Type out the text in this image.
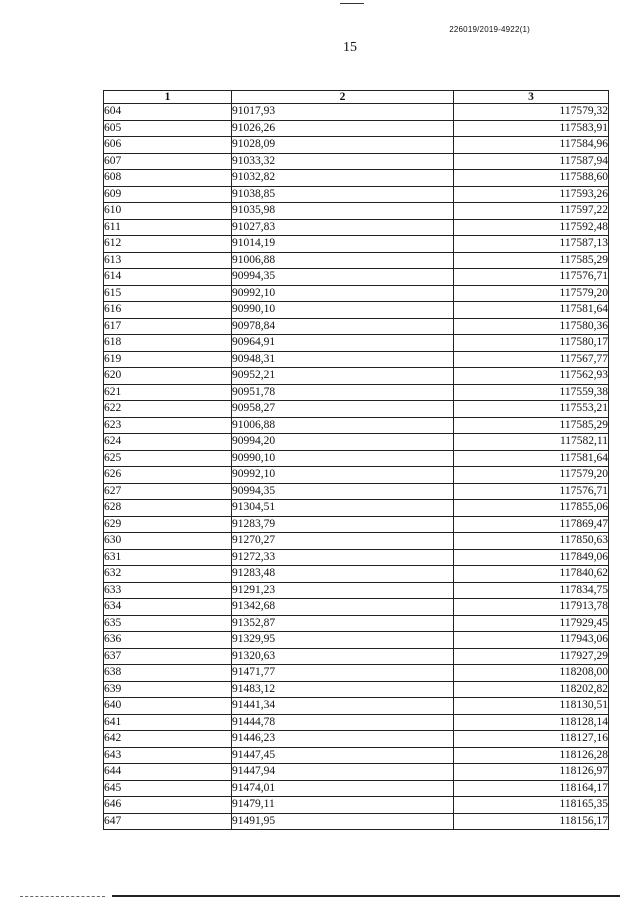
226019/2019-4922(1)
15
1	2	3
604	91017,93	117579,32
605	91026,26	117583,91
606	91028,09	117584,96
607	91033,32	117587,94
608	91032,82	117588,60
609	91038,85	117593,26
610	91035,98	117597,22
611	91027,83	117592,48
612	91014,19	117587,13
613	91006,88	117585,29
614	90994,35	117576,71
615	90992,10	117579,20
616	90990,10	117581,64
617	90978,84	117580,36
618	90964,91	117580,17
619	90948,31	117567,77
620	90952,21	117562,93
621	90951,78	117559,38
622	90958,27	117553,21
623	91006,88	117585,29
624	90994,20	117582,11
625	90990,10	117581,64
626	90992,10	117579,20
627	90994,35	117576,71
628	91304,51	117855,06
629	91283,79	117869,47
630	91270,27	117850,63
631	91272,33	117849,06
632	91283,48	117840,62
633	91291,23	117834,75
634	91342,68	117913,78
635	91352,87	117929,45
636	91329,95	117943,06
637	91320,63	117927,29
638	91471,77	118208,00
639	91483,12	118202,82
640	91441,34	118130,51
641	91444,78	118128,14
642	91446,23	118127,16
643	91447,45	118126,28
644	91447,94	118126,97
645	91474,01	118164,17
646	91479,11	118165,35
647	91491,95	118156,17
